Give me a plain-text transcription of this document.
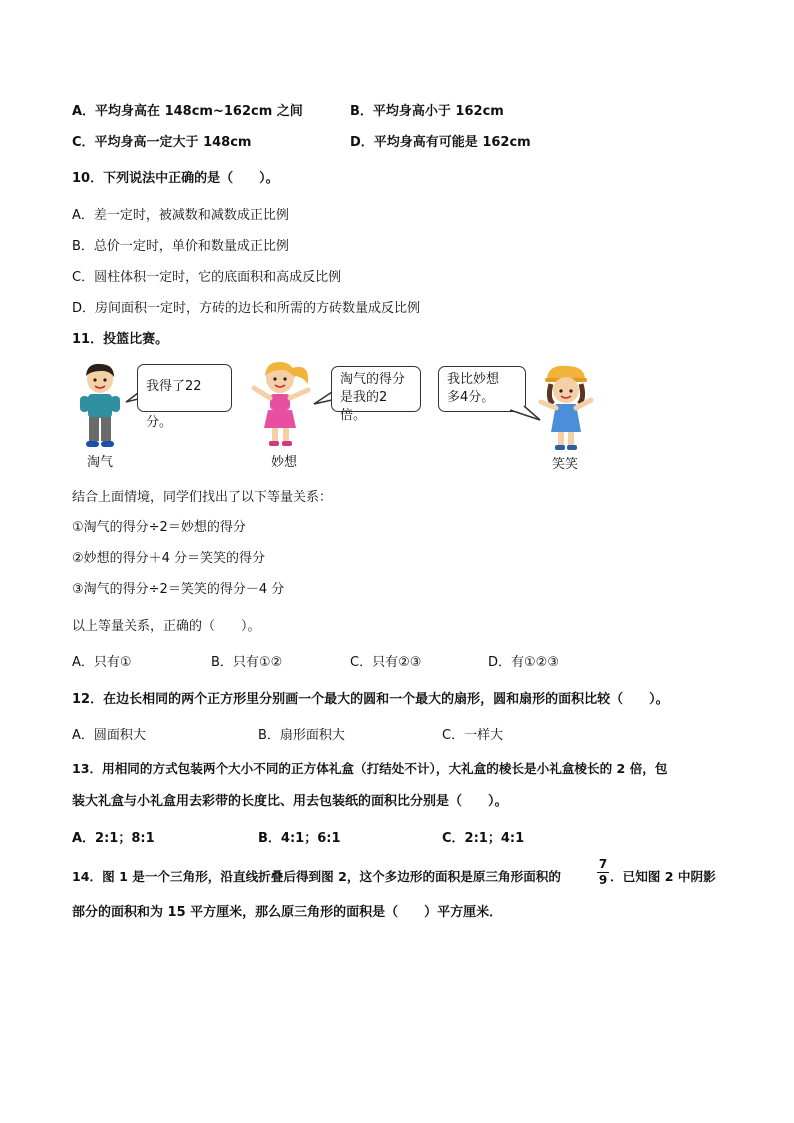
A．平均身高在 148cm~162cm 之间	B．平均身高小于 162cm
C．平均身高一定大于 148cm	D．平均身高有可能是 162cm
10．下列说法中正确的是（　　）。
A．差一定时，被减数和减数成正比例
B．总价一定时，单价和数量成正比例
C．圆柱体积一定时，它的底面积和高成反比例
D．房间面积一定时，方砖的边长和所需的方砖数量成反比例
11．投篮比赛。
淘气
我得了22分。
妙想
淘气的得分
是我的2倍。
我比妙想
多4分。
笑笑
结合上面情境，同学们找出了以下等量关系：
①淘气的得分÷2＝妙想的得分
②妙想的得分＋4 分＝笑笑的得分
③淘气的得分÷2＝笑笑的得分－4 分
以上等量关系，正确的（　　）。
A．只有①	B．只有①②	C．只有②③	D．有①②③
12．在边长相同的两个正方形里分别画一个最大的圆和一个最大的扇形，圆和扇形的面积比较（　　）。
A．圆面积大	B．扇形面积大	C．一样大
13．用相同的方式包装两个大小不同的正方体礼盒（打结处不计），大礼盒的棱长是小礼盒棱长的 2 倍，包
装大礼盒与小礼盒用去彩带的长度比、用去包装纸的面积比分别是（　　）。
A．2:1；8:1	B．4:1；6:1	C．2:1；4:1
14．图 1 是一个三角形，沿直线折叠后得到图 2，这个多边形的面积是原三角形面积的
7
9 ．已知图 2 中阴影
部分的面积和为 15 平方厘米，那么原三角形的面积是（　　）平方厘米．
